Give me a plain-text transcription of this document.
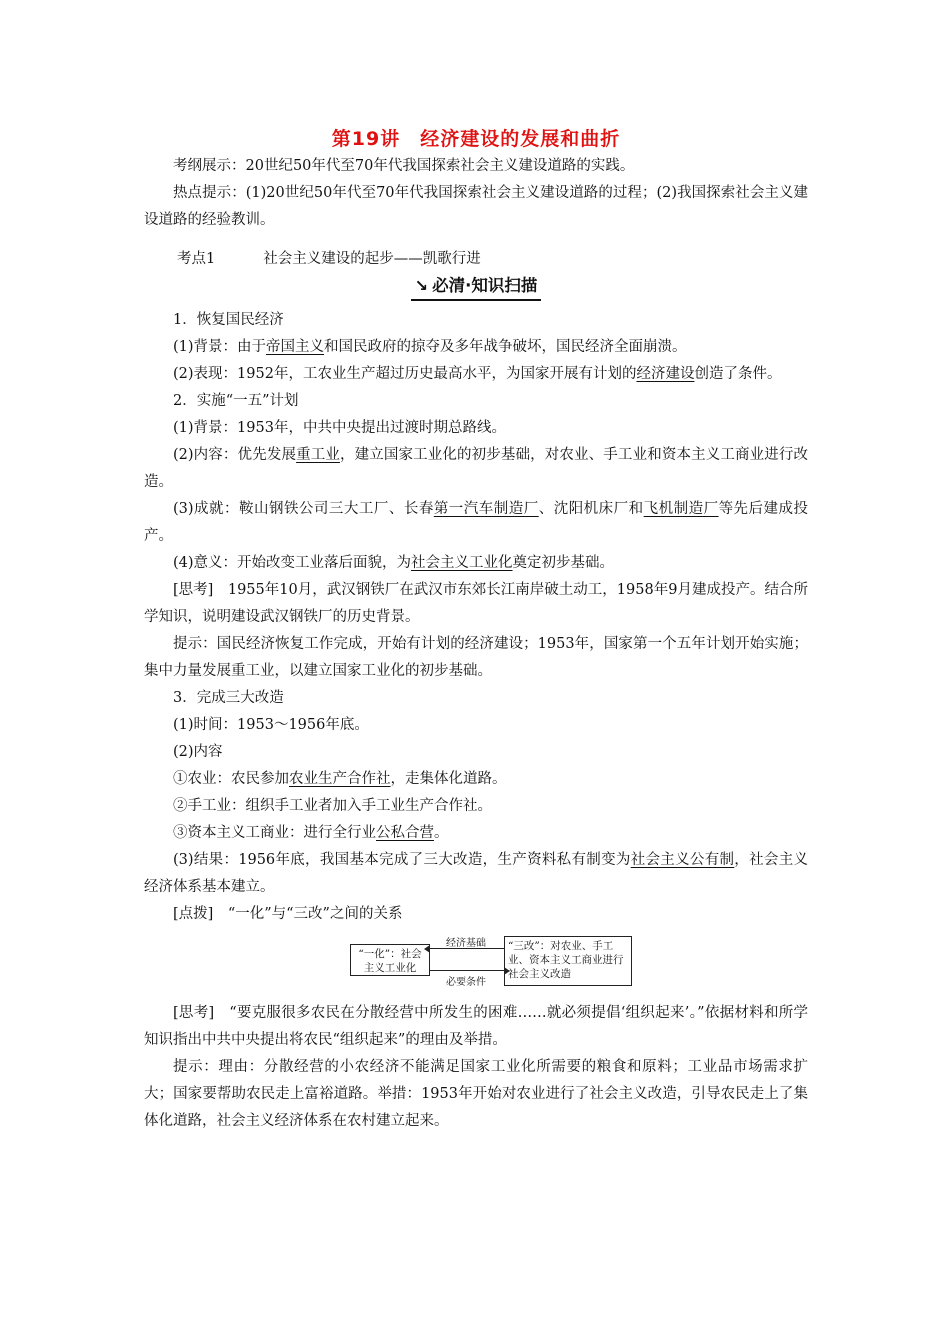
第19讲　经济建设的发展和曲折

考纲展示：20世纪50年代至70年代我国探索社会主义建设道路的实践。

热点提示：(1)20世纪50年代至70年代我国探索社会主义建设道路的过程；(2)我国探索社会主义建设道路的经验教训。

考点1	社会主义建设的起步——凯歌行进
↘ 必清·知识扫描

1．恢复国民经济

(1)背景：由于帝国主义和国民政府的掠夺及多年战争破坏，国民经济全面崩溃。

(2)表现：1952年，工农业生产超过历史最高水平，为国家开展有计划的经济建设创造了条件。

2．实施“一五”计划

(1)背景：1953年，中共中央提出过渡时期总路线。

(2)内容：优先发展重工业，建立国家工业化的初步基础，对农业、手工业和资本主义工商业进行改造。

(3)成就：鞍山钢铁公司三大工厂、长春第一汽车制造厂、沈阳机床厂和飞机制造厂等先后建成投产。

(4)意义：开始改变工业落后面貌，为社会主义工业化奠定初步基础。

[思考]　1955年10月，武汉钢铁厂在武汉市东郊长江南岸破土动工，1958年9月建成投产。结合所学知识，说明建设武汉钢铁厂的历史背景。

提示：国民经济恢复工作完成，开始有计划的经济建设；1953年，国家第一个五年计划开始实施；集中力量发展重工业，以建立国家工业化的初步基础。

3．完成三大改造

(1)时间：1953～1956年底。

(2)内容

①农业：农民参加农业生产合作社，走集体化道路。

②手工业：组织手工业者加入手工业生产合作社。

③资本主义工商业：进行全行业公私合营。

(3)结果：1956年底，我国基本完成了三大改造，生产资料私有制变为社会主义公有制，社会主义经济体系基本建立。

[点拨]　“一化”与“三改”之间的关系

“一化”：社会主义工业化
经济基础
必要条件
“三改”：对农业、手工业、资本主义工商业进行社会主义改造

[思考]　“要克服很多农民在分散经营中所发生的困难……就必须提倡‘组织起来’。”依据材料和所学知识指出中共中央提出将农民“组织起来”的理由及举措。

提示：理由：分散经营的小农经济不能满足国家工业化所需要的粮食和原料；工业品市场需求扩大；国家要帮助农民走上富裕道路。举措：1953年开始对农业进行了社会主义改造，引导农民走上了集体化道路，社会主义经济体系在农村建立起来。
